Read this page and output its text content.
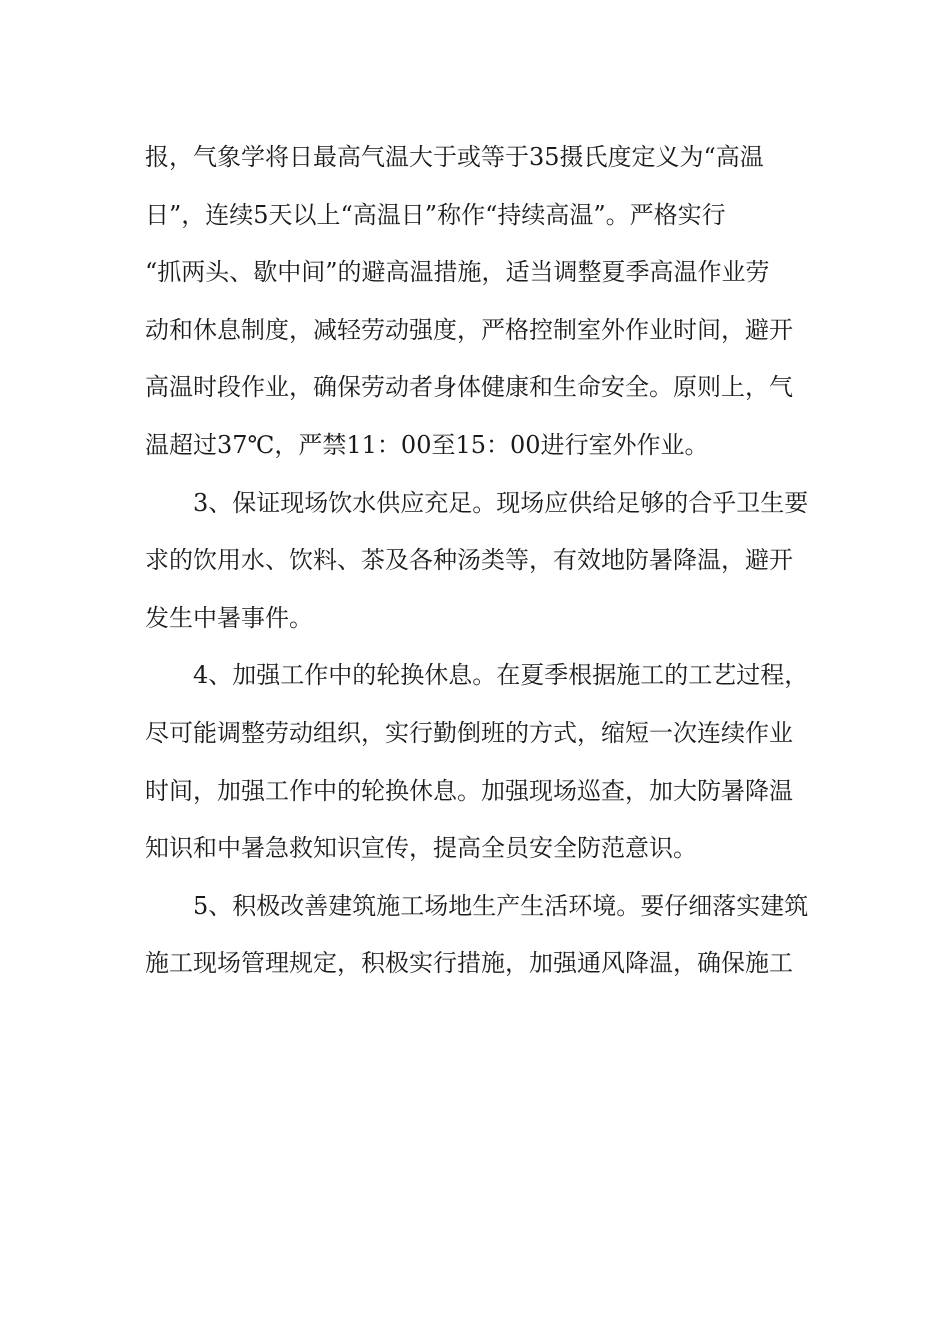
报，气象学将日最高气温大于或等于35摄氏度定义为“高温
日”，连续5天以上“高温日”称作“持续高温”。严格实行
“抓两头、歇中间”的避高温措施，适当调整夏季高温作业劳
动和休息制度，减轻劳动强度，严格控制室外作业时间，避开
高温时段作业，确保劳动者身体健康和生命安全。原则上，气
温超过37℃，严禁11：00至15：00进行室外作业。
3、保证现场饮水供应充足。现场应供给足够的合乎卫生要
求的饮用水、饮料、茶及各种汤类等，有效地防暑降温，避开
发生中暑事件。
4、加强工作中的轮换休息。在夏季根据施工的工艺过程，
尽可能调整劳动组织，实行勤倒班的方式，缩短一次连续作业
时间，加强工作中的轮换休息。加强现场巡查，加大防暑降温
知识和中暑急救知识宣传，提高全员安全防范意识。
5、积极改善建筑施工场地生产生活环境。要仔细落实建筑
施工现场管理规定，积极实行措施，加强通风降温，确保施工
